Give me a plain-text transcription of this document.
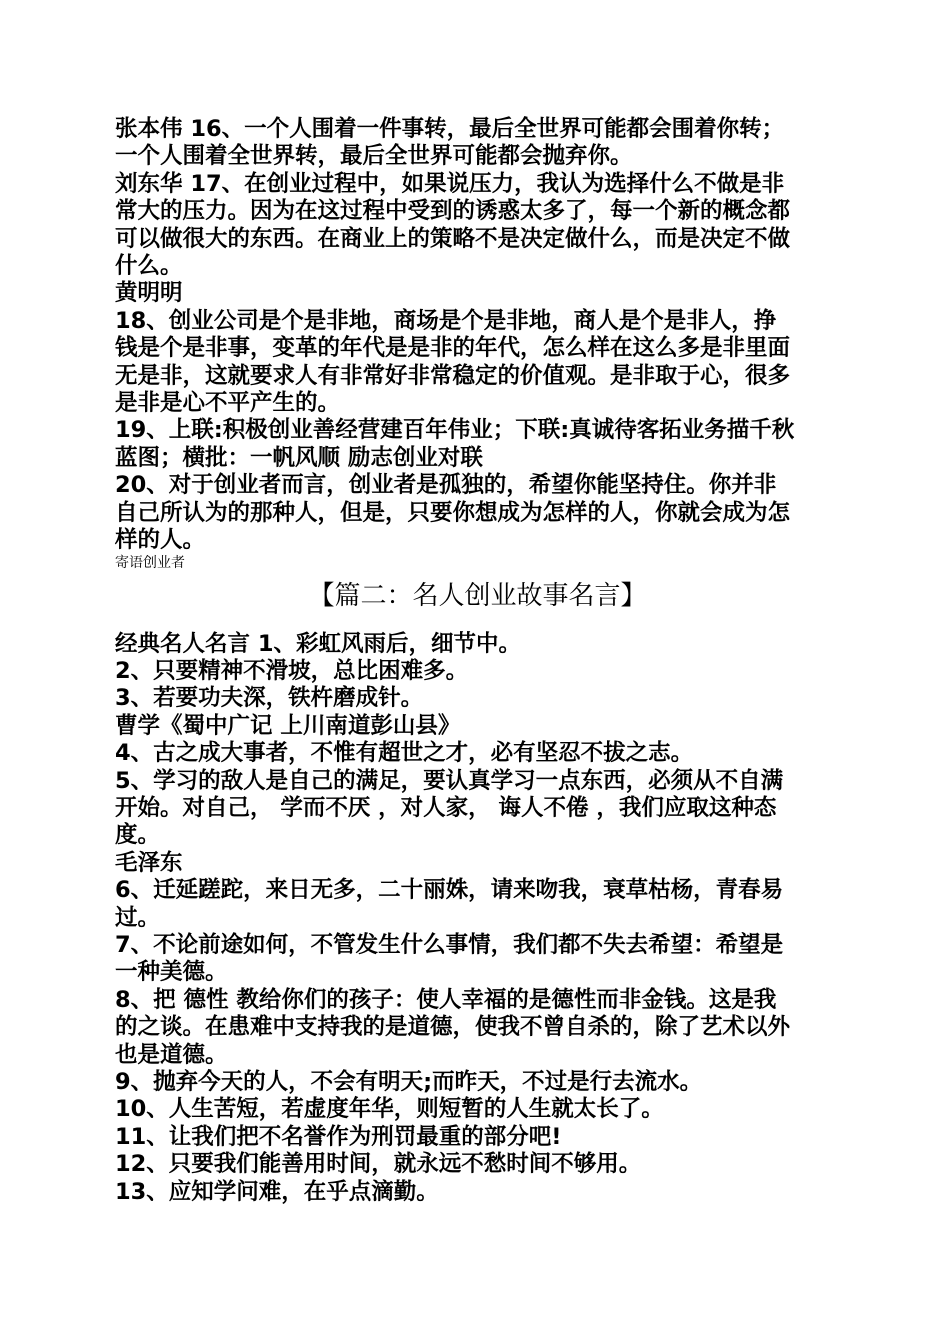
张本伟 16、一个人围着一件事转，最后全世界可能都会围着你转；
一个人围着全世界转，最后全世界可能都会抛弃你。
刘东华 17、在创业过程中，如果说压力，我认为选择什么不做是非
常大的压力。因为在这过程中受到的诱惑太多了，每一个新的概念都
可以做很大的东西。在商业上的策略不是决定做什么，而是决定不做
什么。
黄明明
18、创业公司是个是非地，商场是个是非地，商人是个是非人，挣
钱是个是非事，变革的年代是是非的年代，怎么样在这么多是非里面
无是非，这就要求人有非常好非常稳定的价值观。是非取于心，很多
是非是心不平产生的。
19、上联:积极创业善经营建百年伟业；下联:真诚待客拓业务描千秋
蓝图；横批：一帆风顺 励志创业对联
20、对于创业者而言，创业者是孤独的，希望你能坚持住。你并非
自己所认为的那种人，但是，只要你想成为怎样的人，你就会成为怎
样的人。
寄语创业者
【篇二：名人创业故事名言】
经典名人名言 1、彩虹风雨后，细节中。
2、只要精神不滑坡，总比困难多。
3、若要功夫深，铁杵磨成针。
曹学《蜀中广记 上川南道彭山县》
4、古之成大事者，不惟有超世之才，必有坚忍不拔之志。
5、学习的敌人是自己的满足，要认真学习一点东西，必须从不自满
开始。对自己， 学而不厌 ，对人家， 诲人不倦 ，我们应取这种态
度。
毛泽东
6、迁延蹉跎，来日无多，二十丽姝，请来吻我，衰草枯杨，青春易
过。
7、不论前途如何，不管发生什么事情，我们都不失去希望：希望是
一种美德。
8、把 德性 教给你们的孩子：使人幸福的是德性而非金钱。这是我
的之谈。在患难中支持我的是道德，使我不曾自杀的，除了艺术以外
也是道德。
9、抛弃今天的人，不会有明天;而昨天，不过是行去流水。
10、人生苦短，若虚度年华，则短暂的人生就太长了。
11、让我们把不名誉作为刑罚最重的部分吧!
12、只要我们能善用时间，就永远不愁时间不够用。
13、应知学问难，在乎点滴勤。
